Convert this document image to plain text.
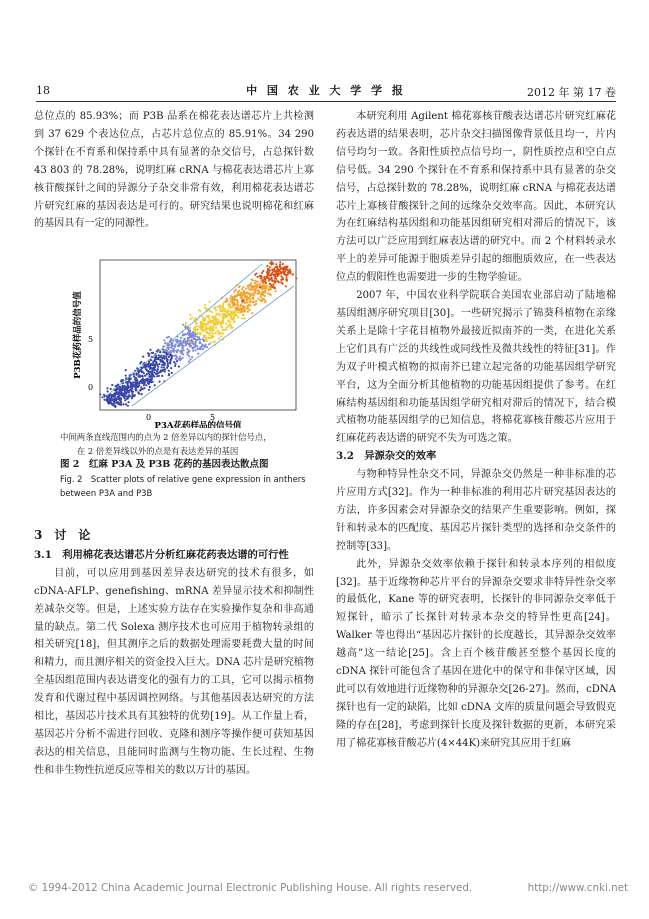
18	中 国 农 业 大 学 学 报	2012 年 第 17 卷

总位点的 85.93%；而 P3B 品系在棉花表达谱芯片上共检测到 37 629 个表达位点，占芯片总位点的 85.91%。34 290 个探针在不育系和保持系中具有显著的杂交信号，占总探针数 43 803 的 78.28%，说明红麻 cRNA 与棉花表达谱芯片上寡核苷酸探针之间的异源分子杂交非常有效，利用棉花表达谱芯片研究红麻的基因表达是可行的。研究结果也说明棉花和红麻的基因具有一定的同源性。

0
5
0	5
P3B花药样品的信号值
P3A花药样品的信号值
中间两条直线范围内的点为 2 倍差异以内的探针信号点，
在 2 倍差异线以外的点是有表达差异的基因
图 2　红麻 P3A 及 P3B 花药的基因表达散点图
Fig. 2　Scatter plots of relative gene expression in anthers between P3A and P3B
3　讨　论
3.1　利用棉花表达谱芯片分析红麻花药表达谱的可行性

目前，可以应用到基因差异表达研究的技术有很多，如 cDNA-AFLP、genefishing、mRNA 差异显示技术和抑制性差减杂交等。但是，上述实验方法存在实验操作复杂和非高通量的缺点。第二代 Solexa 测序技术也可应用于植物转录组的相关研究[18]，但其测序之后的数据处理需要耗费大量的时间和精力，而且测序相关的资金投入巨大。DNA 芯片是研究植物全基因组范围内表达谱变化的强有力的工具，它可以揭示植物发育和代谢过程中基因调控网络。与其他基因表达研究的方法相比，基因芯片技术具有其独特的优势[19]。从工作量上看，基因芯片分析不需进行回收、克隆和测序等操作便可获知基因表达的相关信息，且能同时监测与生物功能、生长过程、生物性和非生物性抗逆反应等相关的数以万计的基因。

本研究利用 Agilent 棉花寡核苷酸表达谱芯片研究红麻花药表达谱的结果表明，芯片杂交扫描图像背景低且均一，片内信号均匀一致。各阳性质控点信号均一，阴性质控点和空白点信号低。34 290 个探针在不育系和保持系中具有显著的杂交信号，占总探针数的 78.28%，说明红麻 cRNA 与棉花表达谱芯片上寡核苷酸探针之间的远缘杂交效率高。因此，本研究认为在红麻结构基因组和功能基因组研究相对滞后的情况下，该方法可以广泛应用到红麻表达谱的研究中。而 2 个材料转录水平上的差异可能源于胞质差异引起的细胞质效应，在一些表达位点的假阳性也需要进一步的生物学验证。

2007 年，中国农业科学院联合美国农业部启动了陆地棉基因组测序研究项目[30]。一些研究揭示了锦葵科植物在亲缘关系上是除十字花目植物外最接近拟南芥的一类，在进化关系上它们具有广泛的共线性或同线性及微共线性的特征[31]。作为双子叶模式植物的拟南芥已建立起完备的功能基因组学研究平台，这为全面分析其他植物的功能基因组提供了参考。在红麻结构基因组和功能基因组学研究相对滞后的情况下，结合模式植物功能基因组学的已知信息，将棉花寡核苷酸芯片应用于红麻花药表达谱的研究不失为可选之策。

3.2　异源杂交的效率

与物种特异性杂交不同，异源杂交仍然是一种非标准的芯片应用方式[32]。作为一种非标准的利用芯片研究基因表达的方法，许多因素会对异源杂交的结果产生重要影响。例如，探针和转录本的匹配度、基因芯片探针类型的选择和杂交条件的控制等[33]。

此外，异源杂交效率依赖于探针和转录本序列的相似度[32]。基于近缘物种芯片平台的异源杂交要求非特异性杂交率的最低化，Kane 等的研究表明，长探针的非同源杂交率低于短探针，暗示了长探针对转录本杂交的特异性更高[24]。Walker 等也得出“基因芯片探针的长度越长，其异源杂交效率越高”这一结论[25]。含上百个核苷酸甚至整个基因长度的 cDNA 探针可能包含了基因在进化中的保守和非保守区域，因此可以有效地进行近缘物种的异源杂交[26-27]。然而，cDNA 探针也有一定的缺陷，比如 cDNA 文库的质量问题会导致假克隆的存在[28]，考虑到探针长度及探针数据的更新，本研究采用了棉花寡核苷酸芯片(4×44K)来研究其应用于红麻

© 1994-2012 China Academic Journal Electronic Publishing House. All rights reserved.	http://www.cnki.net
